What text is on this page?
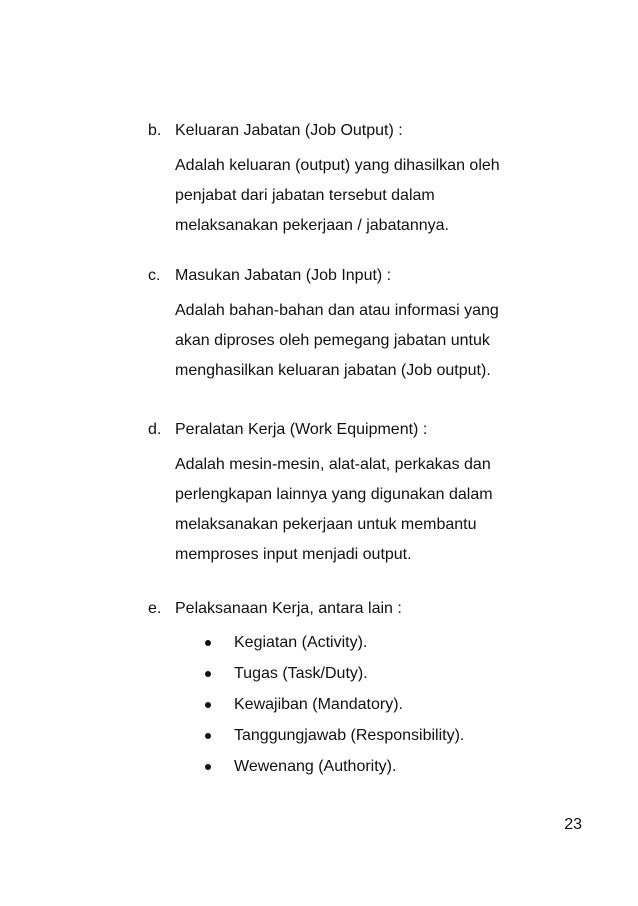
b. Keluaran Jabatan (Job Output) :
Adalah keluaran (output) yang dihasilkan oleh
penjabat dari jabatan tersebut dalam
melaksanakan pekerjaan / jabatannya.
c. Masukan Jabatan (Job Input) :
Adalah bahan-bahan dan atau informasi yang
akan diproses oleh pemegang jabatan untuk
menghasilkan keluaran jabatan (Job output).
d. Peralatan Kerja (Work Equipment) :
Adalah mesin-mesin, alat-alat, perkakas dan
perlengkapan lainnya yang digunakan dalam
melaksanakan pekerjaan untuk membantu
memproses input menjadi output.
e. Pelaksanaan Kerja, antara lain :
Kegiatan (Activity).
Tugas (Task/Duty).
Kewajiban (Mandatory).
Tanggungjawab (Responsibility).
Wewenang (Authority).
23
